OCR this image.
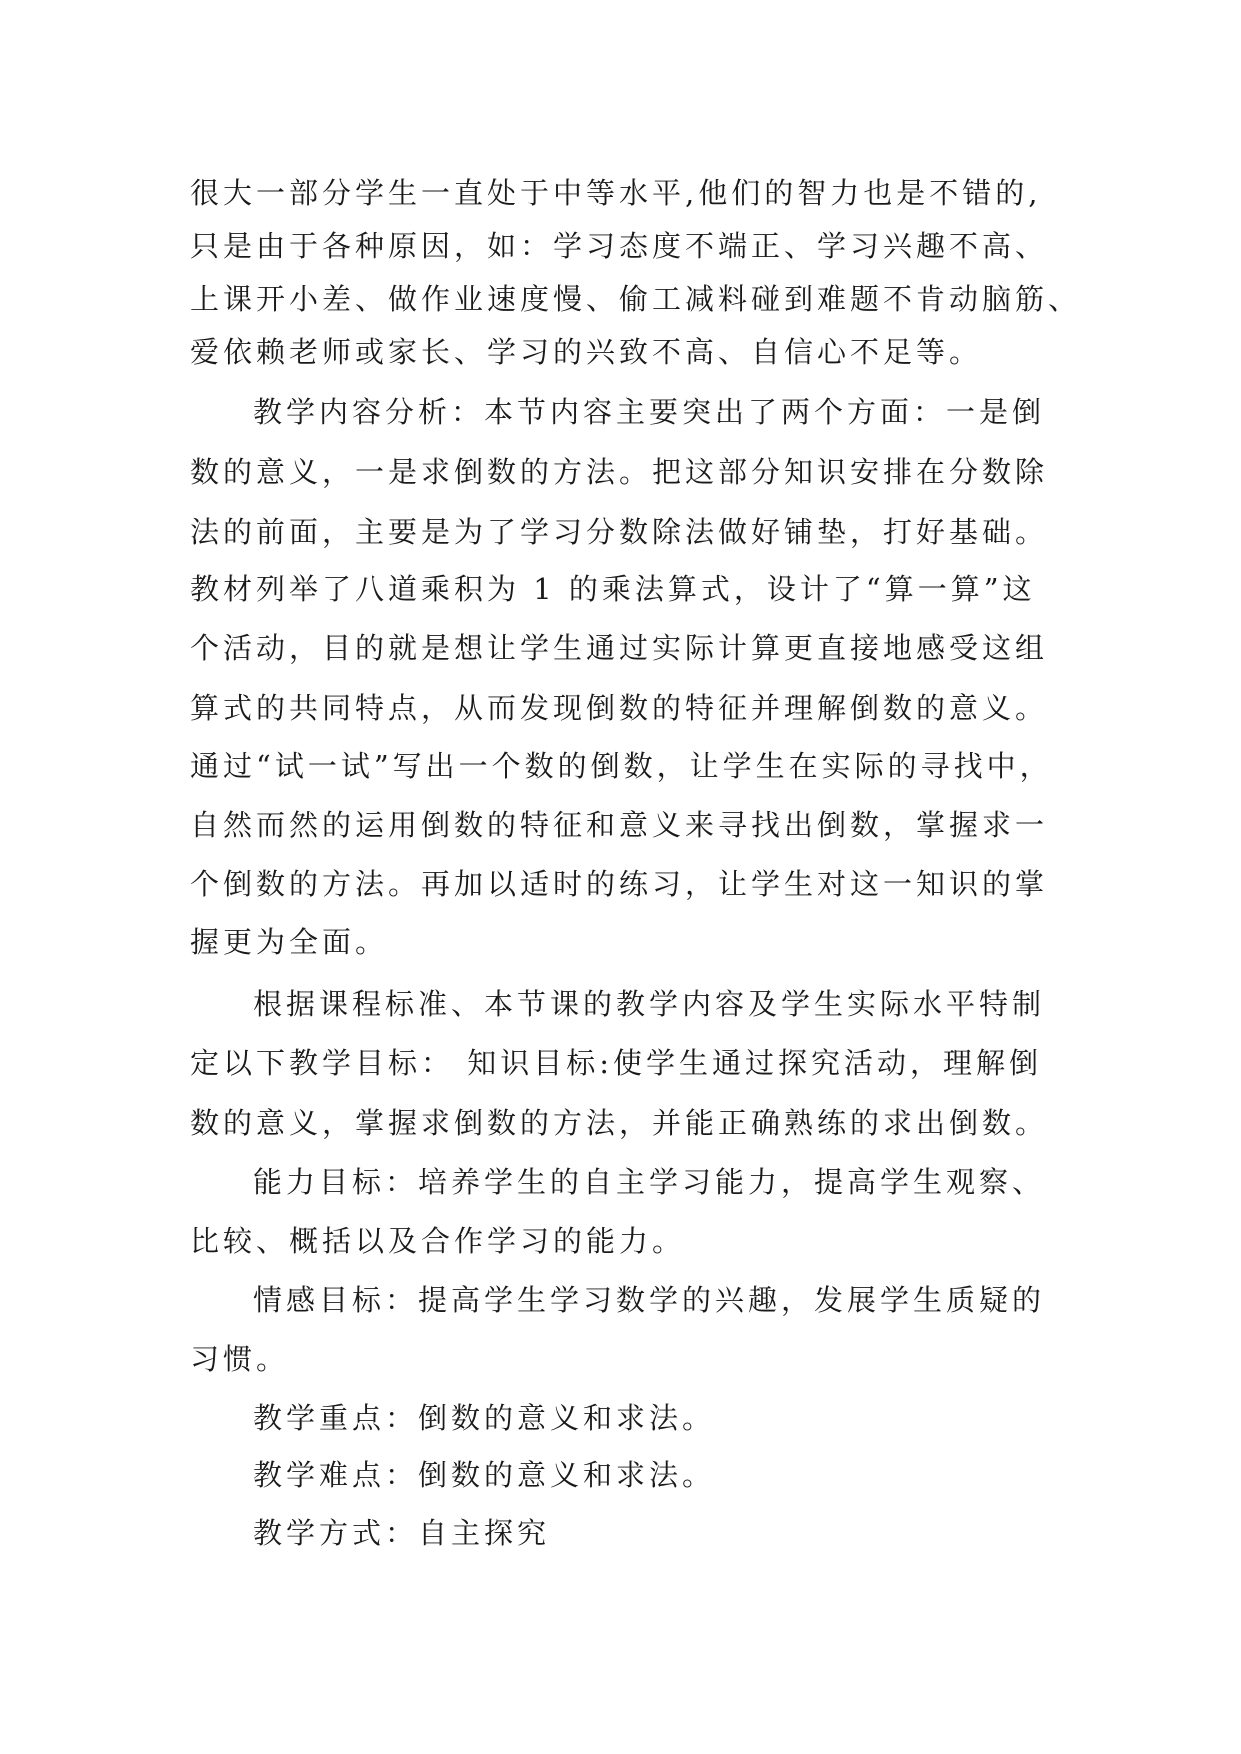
很大一部分学生一直处于中等水平,他们的智力也是不错的,
只是由于各种原因，如：学习态度不端正、学习兴趣不高、
上课开小差、做作业速度慢、偷工减料碰到难题不肯动脑筋、
爱依赖老师或家长、学习的兴致不高、自信心不足等。
教学内容分析：本节内容主要突出了两个方面：一是倒
数的意义，一是求倒数的方法。把这部分知识安排在分数除
法的前面，主要是为了学习分数除法做好铺垫，打好基础。
教材列举了八道乘积为 1 的乘法算式，设计了“算一算”这
个活动，目的就是想让学生通过实际计算更直接地感受这组
算式的共同特点，从而发现倒数的特征并理解倒数的意义。
通过“试一试”写出一个数的倒数，让学生在实际的寻找中，
自然而然的运用倒数的特征和意义来寻找出倒数，掌握求一
个倒数的方法。再加以适时的练习，让学生对这一知识的掌
握更为全面。
根据课程标准、本节课的教学内容及学生实际水平特制
定以下教学目标： 知识目标:使学生通过探究活动，理解倒
数的意义，掌握求倒数的方法，并能正确熟练的求出倒数。
能力目标：培养学生的自主学习能力，提高学生观察、
比较、概括以及合作学习的能力。
情感目标：提高学生学习数学的兴趣，发展学生质疑的
习惯。
教学重点：倒数的意义和求法。
教学难点：倒数的意义和求法。
教学方式：自主探究
